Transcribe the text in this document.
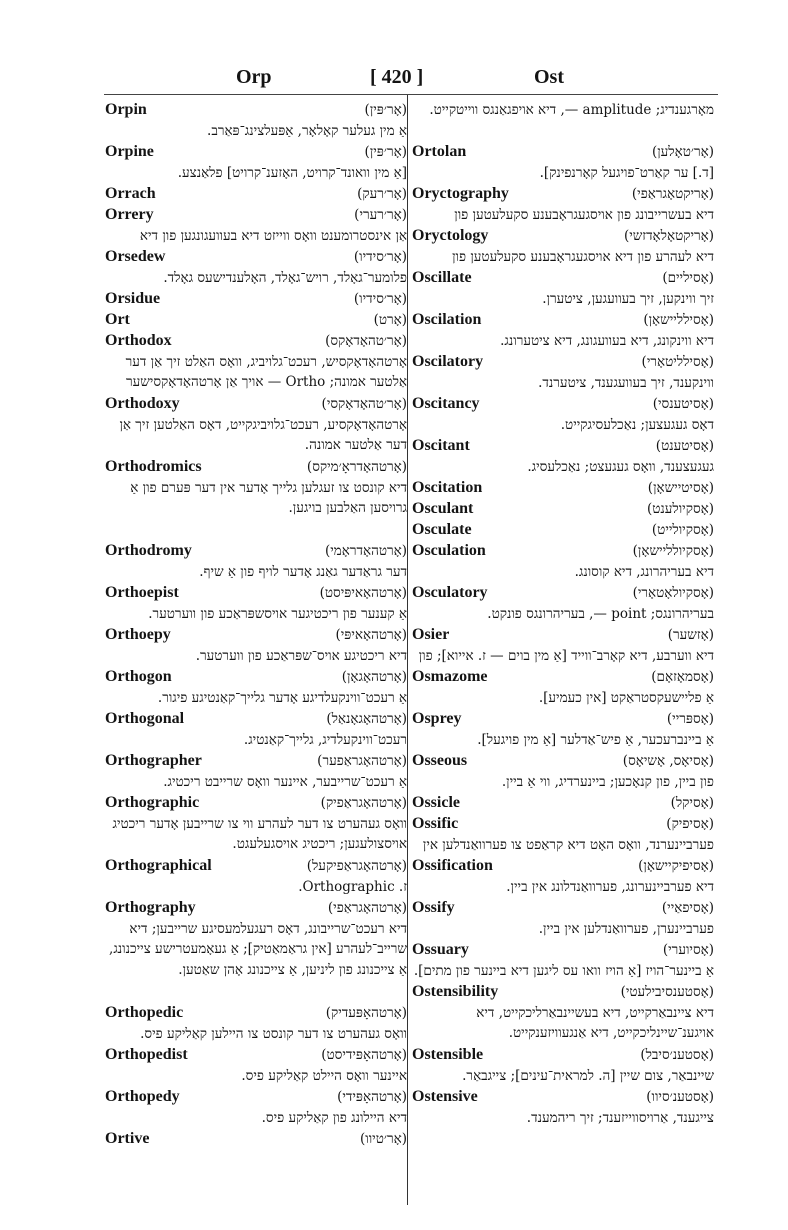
Orp	[ 420 ]	Ost
Orpin	(אָר׳פּין)
אַ מין געלער קאָלאָר, אַפּעלצינג־פּאַרב.
Orpine	(אָר׳פּין)
[אַ מין וואונד־קרויט, האָזענ־קרויט] פלאַנצע.
Orrach	(אָר׳רעק)
Orrery	(אָר׳רערי)
אַן אינסטרומענט וואָס ווייזט דיא בעוועגונגען פון דיא
Orsedew	(אָר׳סידיו)
פלומער־גאָלד, רויש־גאָלד, האָלענדישעס גאָלד.
Orsidue	(אָר׳סידיו)
Ort	(אָרט)
Orthodox	(אָר׳טהאָדאָקס)
אָרטהאָדאָקסיש, רעכט־גלויביג, וואָס האַלט זיך אַן דער אַלטער אמונה; Ortho — אויך אַן אָרטהאָדאָקסישער
Orthodoxy	(אָר׳טהאָדאָקסי)
אָרטהאָדאָקסיע, רעכט־גלויביגקייט, דאָס האַלטען זיך אַן דער אַלטער אמונה.
Orthodromics	(אָרטהאָדראָ׳מיקס)
דיא קונסט צו זעגלען גלייך אָדער אין דער פּערם פון אַ גרויסען האַלבען בויגען.
Orthodromy	(אָרטהאָדראָמי)
דער גראַדער גאַנג אָדער לויף פון אַ שיף.
Orthoepist	(אָרטהאָאיפּיסט)
אַ קענער פון ריכטיגער אויסשפּראַכע פון ווערטער.
Orthoepy	(אָרטהאָאיפּי)
דיא ריכטיגע אויס־שפּראַכע פון ווערטער.
Orthogon	(אָרטהאָגאָן)
אַ רעכט־ווינקעלדיגע אָדער גלייך־קאַנטיגע פיגור.
Orthogonal	(אָרטהאָגאָנאַל)
רעכט־ווינקעלדיג, גלייך־קאַנטיג.
Orthographer	(אָרטהאָגראַפער)
אַ רעכט־שרייבער, איינער וואָס שרייבט ריכטיג.
Orthographic	(אָרטהאָגראַפיק)
וואָס געהערט צו דער לעהרע ווי צו שרייבען אָדער ריכטיג אויסצולעגען; ריכטיג אויסגעלעגט.
Orthographical	(אָרטהאָגראַפיקעל)
ז. Orthographic.
Orthography	(אָרטהאָגראַפי)
דיא רעכט־שרייבונג, דאָס רעגעלמעסיגע שרייבען; דיא שרייב־לעהרע [אין גראַמאַטיק]; אַ געאָמעטרישע צייכנונג, אַ צייכנונג פון ליניען, אַ צייכנונג אָהן שאַטען.
Orthopedic	(אָרטהאָפּעדיק)
וואָס געהערט צו דער קונסט צו היילען קאַליקע פיס.
Orthopedist	(אָרטהאָפּידיסט)
איינער וואָס היילט קאַליקע פיס.
Orthopedy	(אָרטהאָפּידי)
דיא היילונג פון קאַליקע פיס.
Ortive	(אָר׳טיוו)
מאָרגענדיג; amplitude —, דיא אויפגאַנגס ווייטקייט.
Ortolan	(אָר׳טאָלען)
[ד.] ער קאַרט־פויגעל קאָרנפינק].
Oryctography	(אָריקטאָגראַפי)
דיא בעשרייבונג פון אויסגעגראָבענע סקעלעטען פון
Oryctology	(אָריקטאָלאָדזשי)
דיא לעהרע פון דיא אויסגעגראָבענע סקעלעטען פון
Oscillate	(אָסיליים)
זיך ווינקען, זיך בעוועגען, ציטערן.
Oscilation	(אָסילליישאָן)
דיא ווינקונג, דיא בעוועגונג, דיא ציטערונג.
Oscilatory	(אָסילליטאָרי)
ווינקענד, זיך בעוועגענד, ציטערנד.
Oscitancy	(אָסיטענסי)
דאָס געגעצען; נאַכלעסיגקייט.
Oscitant	(אָסיטענט)
געגעצענד, וואָס געגעצט; נאַכלעסיג.
Oscitation	(אָסיטיישאָן)
Osculant	(אָסקיולענט)
Osculate	(אָסקיולייט)
Osculation	(אָסקיולליישאָן)
דיא בעריהרונג, דיא קוסונג.
Osculatory	(אָסקיולאָטאָרי)
בעריהרונגס; point —, בעריהרונגס פונקט.
Osier	(אָזשער)
דיא ווערבע, דיא קאָרב־ווייד [אַ מין בוים — ז. אייוא]; פון
Osmazome	(אָסמאָזאָם)
אַ פליישעקסטראַקט [אין כעמיע].
Osprey	(אָספּריי)
אַ ביינברעכער, אַ פיש־אַדלער [אַ מין פויגעל].
Osseous	(אָסיאָס, אָשיאָס)
פון ביין, פון קנאָכען; ביינערדיג, ווי אַ ביין.
Ossicle	(אָסיקל)
Ossific	(אָסיפיק)
פערביינערנד, וואָס האָט דיא קראַפט צו פערוואַנדלען אין
Ossification	(אָסיפיקיישאָן)
דיא פערביינערונג, פערוואַנדלונג אין ביין.
Ossify	(אָסיפאַיי)
פערביינערן, פערוואַנדלען אין ביין.
Ossuary	(אָסיוערי)
אַ ביינער־הויז [אַ הויז וואו עס ליגען דיא ביינער פון מתים].
Ostensibility	(אָסטענסיבילעטי)
דיא ציינבאַרקייט, דיא בעשיינבאַרליכקייט, דיא אויגענ־שיינליכקייט, דיא אַנגעוויזענקייט.
Ostensible	(אָסטענ׳סיבל)
שיינבאַר, צום שיין [ה. למראית־עינים]; צייגבאַר.
Ostensive	(אָסטענ׳סיוו)
צייגענד, אַרויסווייזענד; זיך ריהמענד.
